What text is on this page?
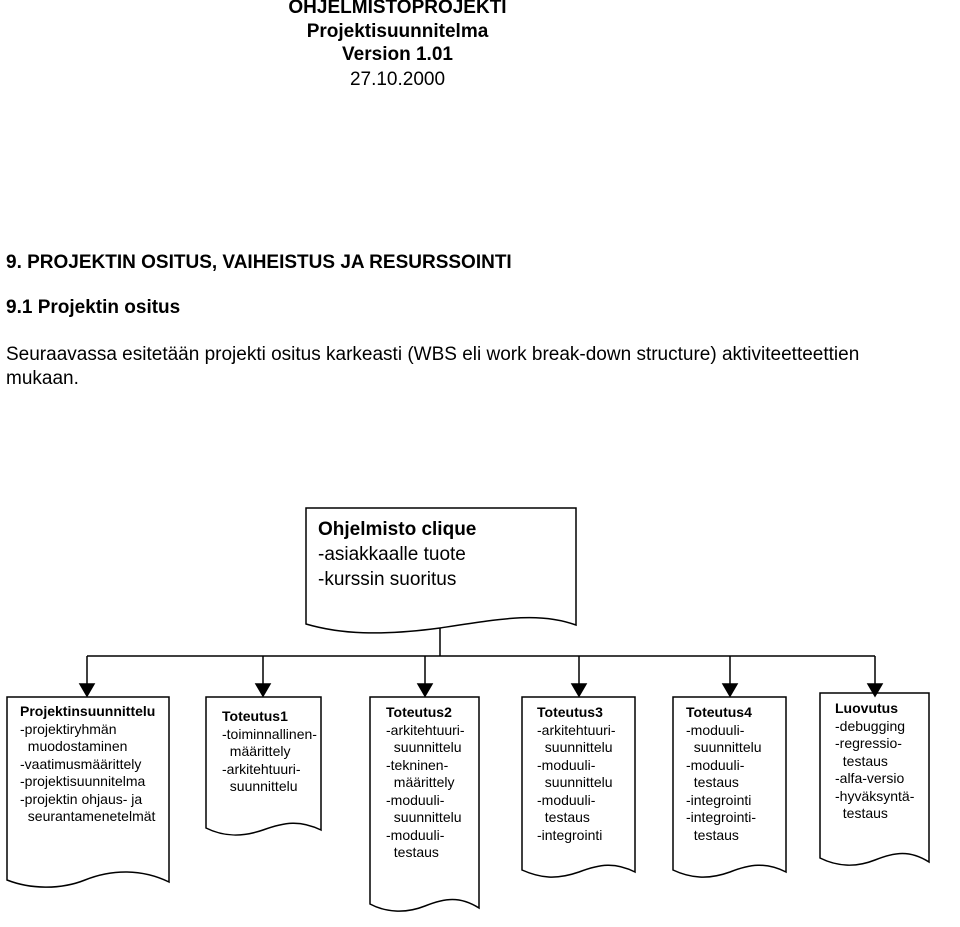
OHJELMISTOPROJEKTI
Projektisuunnitelma
Version 1.01
27.10.2000
9. PROJEKTIN OSITUS, VAIHEISTUS JA RESURSSOINTI
9.1 Projektin ositus
Seuraavassa esitetään projekti ositus karkeasti (WBS eli work break-down structure) aktiviteetteettien mukaan.
Ohjelmisto clique
-asiakkaalle tuote
-kurssin suoritus
Projektinsuunnittelu
-projektiryhmän
muodostaminen
-vaatimusmäärittely
-projektisuunnitelma
-projektin ohjaus- ja
seurantamenetelmät
Toteutus1
-toiminnallinen-
määrittely
-arkitehtuuri-
suunnittelu
Toteutus2
-arkitehtuuri-
suunnittelu
-tekninen-
määrittely
-moduuli-
suunnittelu
-moduuli-
testaus
Toteutus3
-arkitehtuuri-
suunnittelu
-moduuli-
suunnittelu
-moduuli-
testaus
-integrointi
Toteutus4
-moduuli-
suunnittelu
-moduuli-
testaus
-integrointi
-integrointi-
testaus
Luovutus
-debugging
-regressio-
testaus
-alfa-versio
-hyväksyntä-
testaus
